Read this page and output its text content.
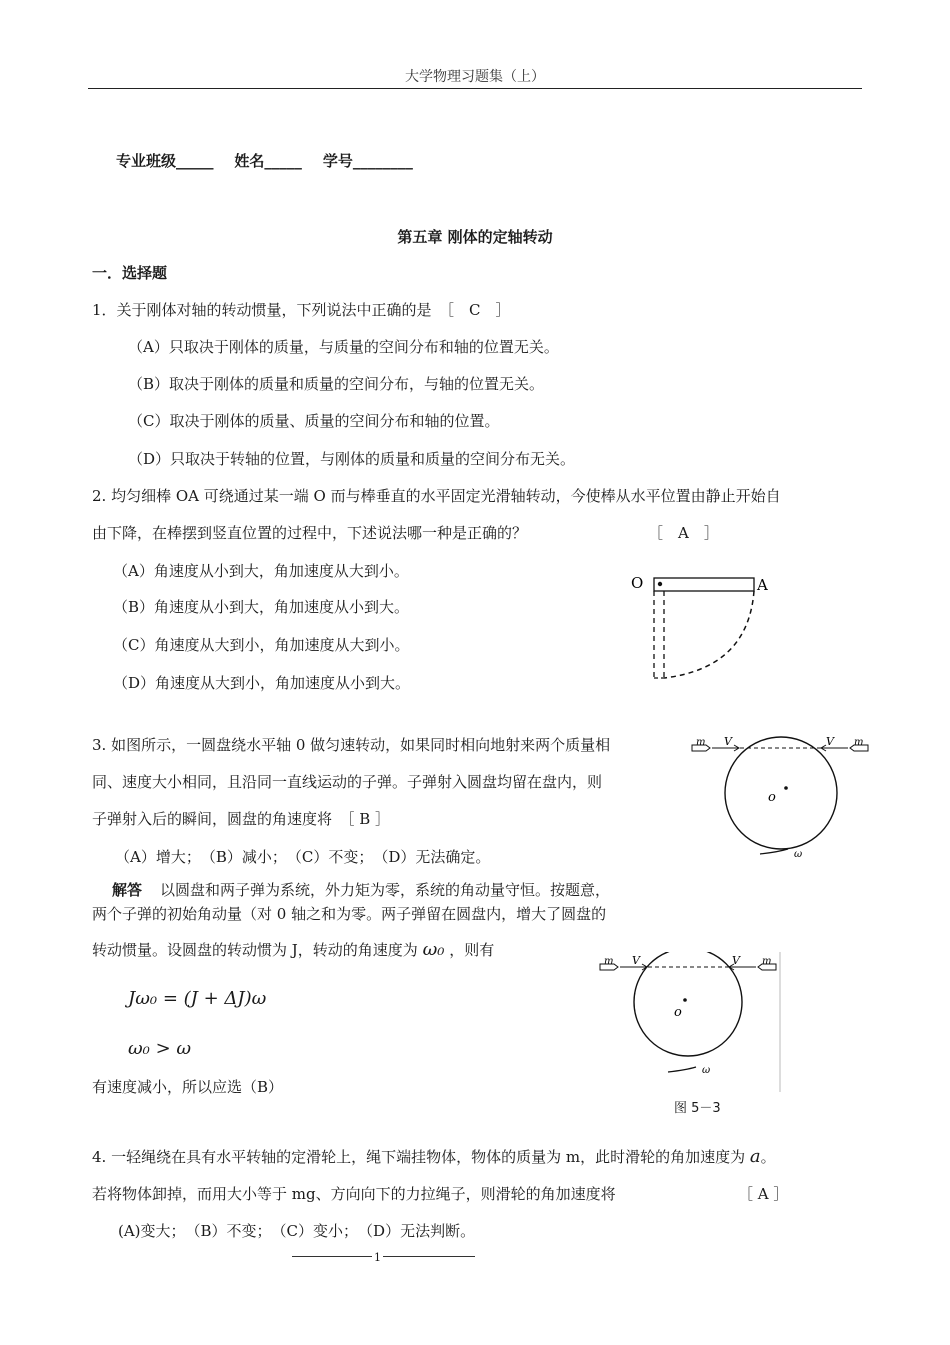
大学物理习题集（上）
专业班级_____ 姓名_____ 学号________
第五章 刚体的定轴转动
一．选择题
1．关于刚体对轴的转动惯量，下列说法中正确的是　［　C　］
（A）只取决于刚体的质量，与质量的空间分布和轴的位置无关。
（B）取决于刚体的质量和质量的空间分布，与轴的位置无关。
（C）取决于刚体的质量、质量的空间分布和轴的位置。
（D）只取决于转轴的位置，与刚体的质量和质量的空间分布无关。
2. 均匀细棒 OA 可绕通过某一端 O 而与棒垂直的水平固定光滑轴转动，今使棒从水平位置由静止开始自
由下降，在棒摆到竖直位置的过程中，下述说法哪一种是正确的？	［　A　］
（A）角速度从小到大，角加速度从大到小。
（B）角速度从小到大，角加速度从小到大。
（C）角速度从大到小，角加速度从大到小。
（D）角速度从大到小，角加速度从小到大。
O	A
3. 如图所示，一圆盘绕水平轴 0 做匀速转动，如果同时相向地射来两个质量相
同、速度大小相同，且沿同一直线运动的子弹。子弹射入圆盘均留在盘内，则
子弹射入后的瞬间，圆盘的角速度将　［ B ］
（A）增大；　（B）减小；　（C）不变；　（D）无法确定。
m V	V m
o
ω
解答 以圆盘和两子弹为系统，外力矩为零，系统的角动量守恒。按题意，
两个子弹的初始角动量（对 0 轴之和为零。两子弹留在圆盘内，增大了圆盘的
转动惯量。设圆盘的转动惯为 J，转动的角速度为 ω₀ ，则有
Jω₀ = (J + ΔJ)ω
ω₀ > ω
有速度减小，所以应选（B）
m V	V m
o
ω
图 5－3
4. 一轻绳绕在具有水平转轴的定滑轮上，绳下端挂物体，物体的质量为 m，此时滑轮的角加速度为 a。
若将物体卸掉，而用大小等于 mg、方向向下的力拉绳子，则滑轮的角加速度将	［ A ］
(A)变大；　（B）不变；　（C）变小；　（D）无法判断。
1
